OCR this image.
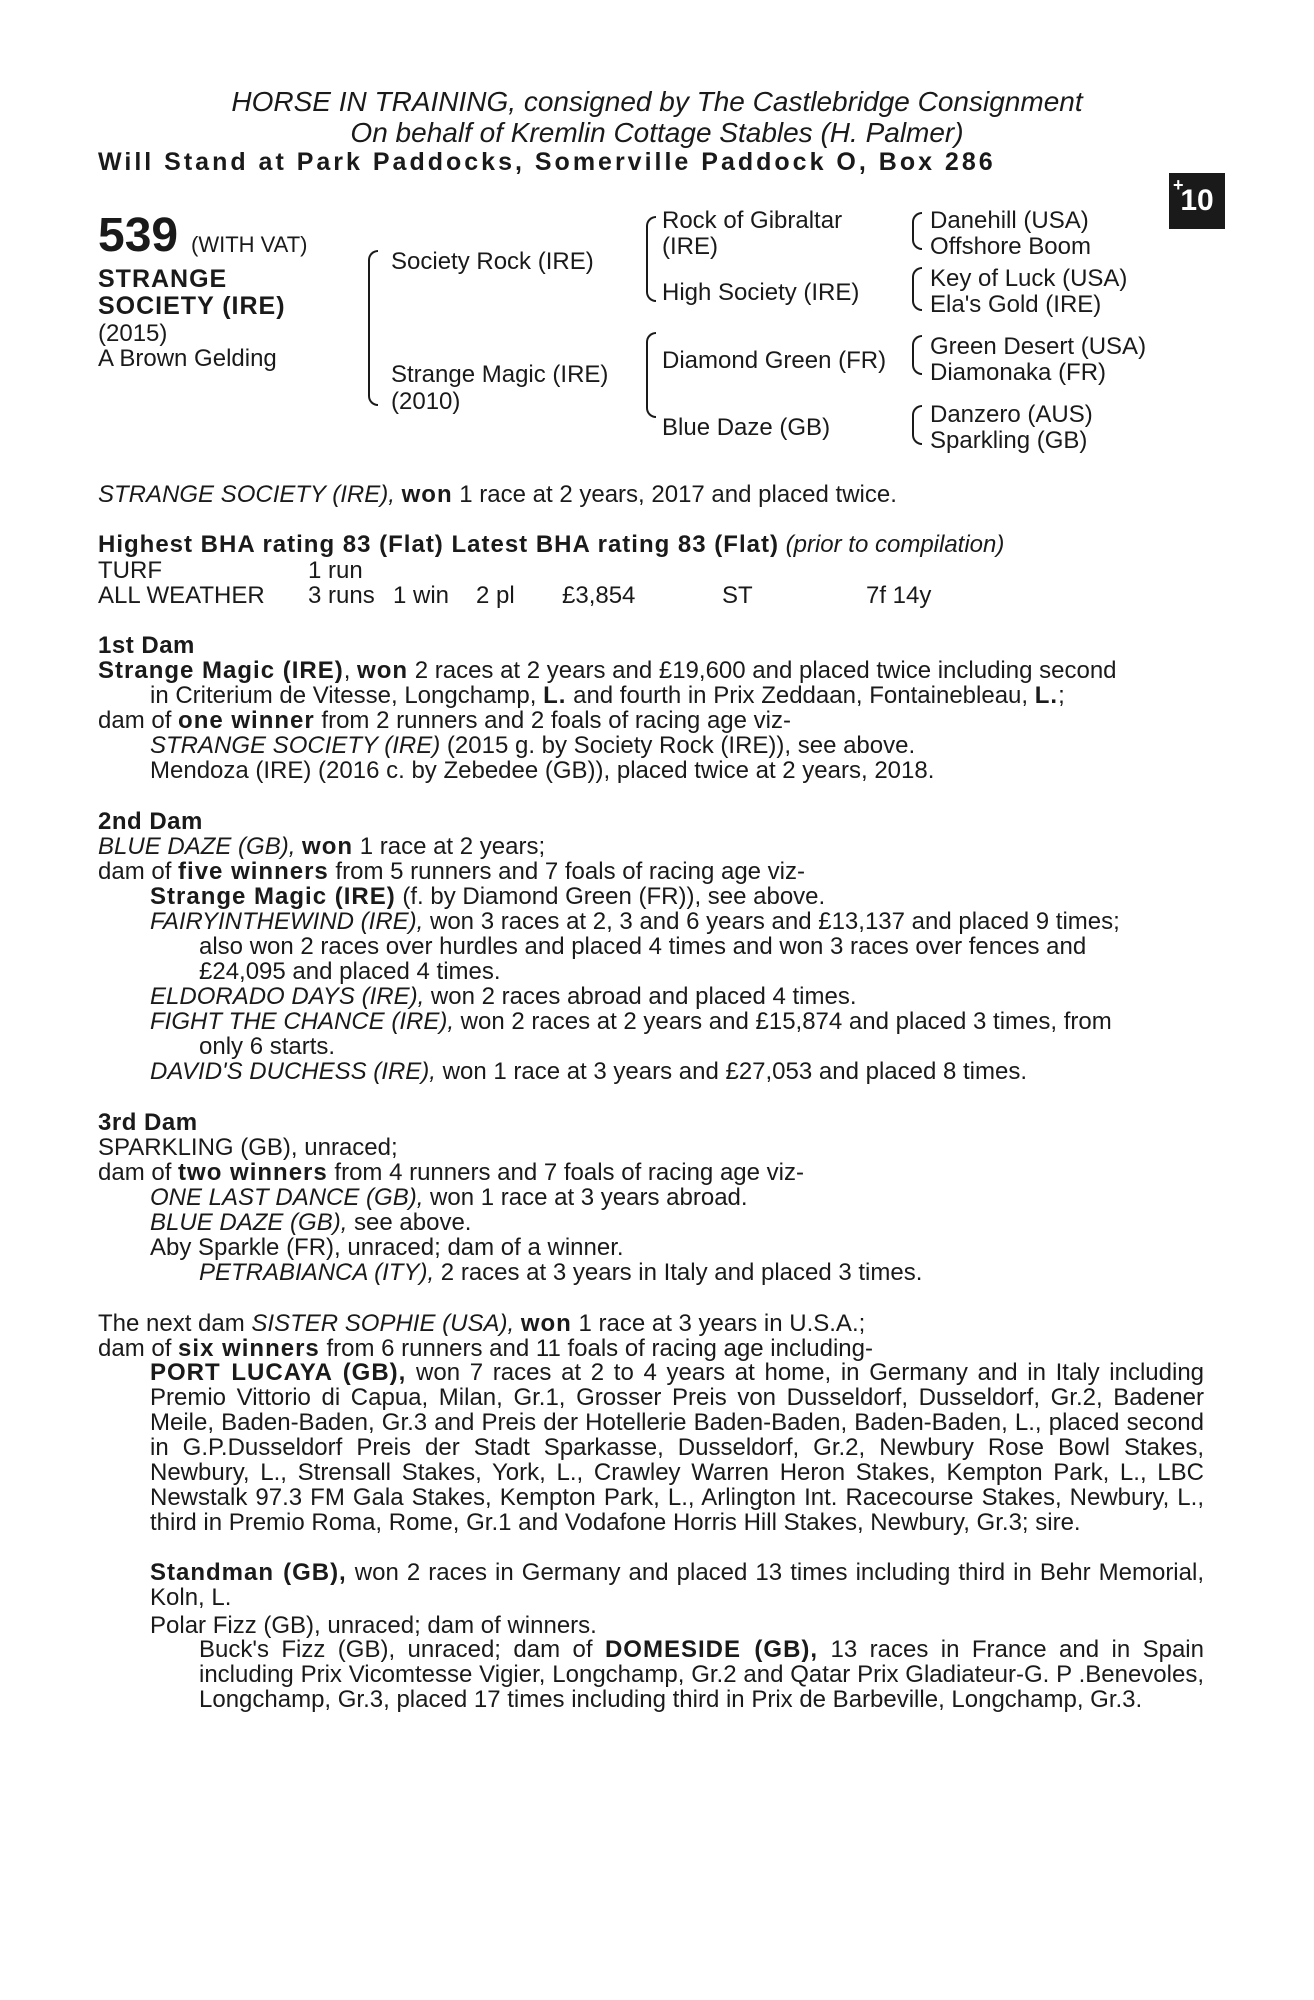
HORSE IN TRAINING, consigned by The Castlebridge Consignment
On behalf of Kremlin Cottage Stables (H. Palmer)
Will Stand at Park Paddocks, Somerville Paddock O, Box 286
+
10
539 (WITH VAT)
STRANGE
SOCIETY (IRE)
(2015)
A Brown Gelding
Society Rock (IRE)
Strange Magic (IRE)
(2010)
Rock of Gibraltar
(IRE)
High Society (IRE)
Diamond Green (FR)
Blue Daze (GB)
Danehill (USA)
Offshore Boom
Key of Luck (USA)
Ela's Gold (IRE)
Green Desert (USA)
Diamonaka (FR)
Danzero (AUS)
Sparkling (GB)
STRANGE SOCIETY (IRE), won 1 race at 2 years, 2017 and placed twice.
Highest BHA rating 83 (Flat) Latest BHA rating 83 (Flat) (prior to compilation)
TURF	1 run
ALL WEATHER 3 runs 1 win 2 pl £3,854	ST	7f 14y
1st Dam
Strange Magic (IRE), won 2 races at 2 years and £19,600 and placed twice including second
in Criterium de Vitesse, Longchamp, L. and fourth in Prix Zeddaan, Fontainebleau, L.;
dam of one winner from 2 runners and 2 foals of racing age viz-
STRANGE SOCIETY (IRE) (2015 g. by Society Rock (IRE)), see above.
Mendoza (IRE) (2016 c. by Zebedee (GB)), placed twice at 2 years, 2018.
2nd Dam
BLUE DAZE (GB), won 1 race at 2 years;
dam of five winners from 5 runners and 7 foals of racing age viz-
Strange Magic (IRE) (f. by Diamond Green (FR)), see above.
FAIRYINTHEWIND (IRE), won 3 races at 2, 3 and 6 years and £13,137 and placed 9 times;
also won 2 races over hurdles and placed 4 times and won 3 races over fences and
£24,095 and placed 4 times.
ELDORADO DAYS (IRE), won 2 races abroad and placed 4 times.
FIGHT THE CHANCE (IRE), won 2 races at 2 years and £15,874 and placed 3 times, from
only 6 starts.
DAVID'S DUCHESS (IRE), won 1 race at 3 years and £27,053 and placed 8 times.
3rd Dam
SPARKLING (GB), unraced;
dam of two winners from 4 runners and 7 foals of racing age viz-
ONE LAST DANCE (GB), won 1 race at 3 years abroad.
BLUE DAZE (GB), see above.
Aby Sparkle (FR), unraced; dam of a winner.
PETRABIANCA (ITY), 2 races at 3 years in Italy and placed 3 times.
The next dam SISTER SOPHIE (USA), won 1 race at 3 years in U.S.A.;
dam of six winners from 6 runners and 11 foals of racing age including-
PORT LUCAYA (GB), won 7 races at 2 to 4 years at home, in Germany and in Italy including Premio Vittorio di Capua, Milan, Gr.1, Grosser Preis von Dusseldorf, Dusseldorf, Gr.2, Badener Meile, Baden-Baden, Gr.3 and Preis der Hotellerie Baden-Baden, Baden-Baden, L., placed second in G.P.Dusseldorf Preis der Stadt Sparkasse, Dusseldorf, Gr.2, Newbury Rose Bowl Stakes, Newbury, L., Strensall Stakes, York, L., Crawley Warren Heron Stakes, Kempton Park, L., LBC Newstalk 97.3 FM Gala Stakes, Kempton Park, L., Arlington Int. Racecourse Stakes, Newbury, L., third in Premio Roma, Rome, Gr.1 and Vodafone Horris Hill Stakes, Newbury, Gr.3; sire.
Standman (GB), won 2 races in Germany and placed 13 times including third in Behr Memorial, Koln, L.
Polar Fizz (GB), unraced; dam of winners.
Buck's Fizz (GB), unraced; dam of DOMESIDE (GB), 13 races in France and in Spain including Prix Vicomtesse Vigier, Longchamp, Gr.2 and Qatar Prix Gladiateur-G. P .Benevoles, Longchamp, Gr.3, placed 17 times including third in Prix de Barbeville, Longchamp, Gr.3.
